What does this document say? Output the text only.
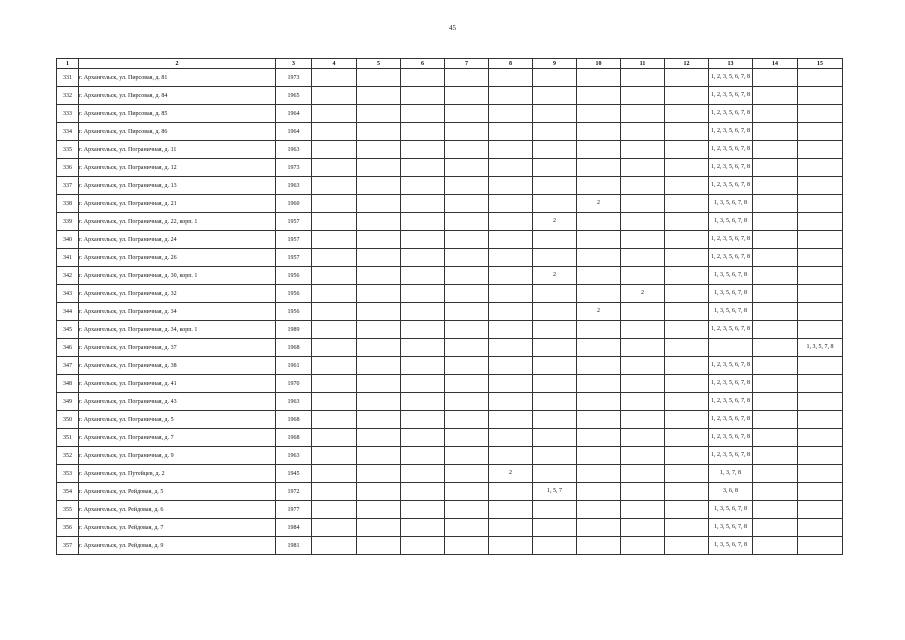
45
1	2	3	4	5	6	7	8	9	10	11	12	13	14	15
331	г. Архангельск, ул. Пирсовая, д. 81	1973										1, 2, 3, 5, 6, 7, 8		
332	г. Архангельск, ул. Пирсовая, д. 84	1965										1, 2, 3, 5, 6, 7, 8		
333	г. Архангельск, ул. Пирсовая, д. 85	1964										1, 2, 3, 5, 6, 7, 8		
334	г. Архангельск, ул. Пирсовая, д. 86	1964										1, 2, 3, 5, 6, 7, 8		
335	г. Архангельск, ул. Пограничная, д. 11	1963										1, 2, 3, 5, 6, 7, 8		
336	г. Архангельск, ул. Пограничная, д. 12	1973										1, 2, 3, 5, 6, 7, 8		
337	г. Архангельск, ул. Пограничная, д. 13	1963										1, 2, 3, 5, 6, 7, 8		
338	г. Архангельск, ул. Пограничная, д. 21	1960							2			1, 3, 5, 6, 7, 8		
339	г. Архангельск, ул. Пограничная, д. 22, корп. 1	1957						2				1, 3, 5, 6, 7, 8		
340	г. Архангельск, ул. Пограничная, д. 24	1957										1, 2, 3, 5, 6, 7, 8		
341	г. Архангельск, ул. Пограничная, д. 26	1957										1, 2, 3, 5, 6, 7, 8		
342	г. Архангельск, ул. Пограничная, д. 30, корп. 1	1956						2				1, 3, 5, 6, 7, 8		
343	г. Архангельск, ул. Пограничная, д. 32	1956								2		1, 3, 5, 6, 7, 8		
344	г. Архангельск, ул. Пограничная, д. 34	1956							2			1, 3, 5, 6, 7, 8		
345	г. Архангельск, ул. Пограничная, д. 34, корп. 1	1989										1, 2, 3, 5, 6, 7, 8		
346	г. Архангельск, ул. Пограничная, д. 37	1968												1, 3, 5, 7, 8
347	г. Архангельск, ул. Пограничная, д. 38	1961										1, 2, 3, 5, 6, 7, 8		
348	г. Архангельск, ул. Пограничная, д. 41	1970										1, 2, 3, 5, 6, 7, 8		
349	г. Архангельск, ул. Пограничная, д. 43	1963										1, 2, 3, 5, 6, 7, 8		
350	г. Архангельск, ул. Пограничная, д. 5	1968										1, 2, 3, 5, 6, 7, 8		
351	г. Архангельск, ул. Пограничная, д. 7	1968										1, 2, 3, 5, 6, 7, 8		
352	г. Архангельск, ул. Пограничная, д. 9	1963										1, 2, 3, 5, 6, 7, 8		
353	г. Архангельск, ул. Путейцев, д. 2	1945					2					1, 3, 7, 8		
354	г. Архангельск, ул. Рейдовая, д. 5	1972						1, 5, 7				3, 6, 8		
355	г. Архангельск, ул. Рейдовая, д. 6	1977										1, 3, 5, 6, 7, 8		
356	г. Архангельск, ул. Рейдовая, д. 7	1984										1, 3, 5, 6, 7, 8		
357	г. Архангельск, ул. Рейдовая, д. 9	1981										1, 3, 5, 6, 7, 8		
